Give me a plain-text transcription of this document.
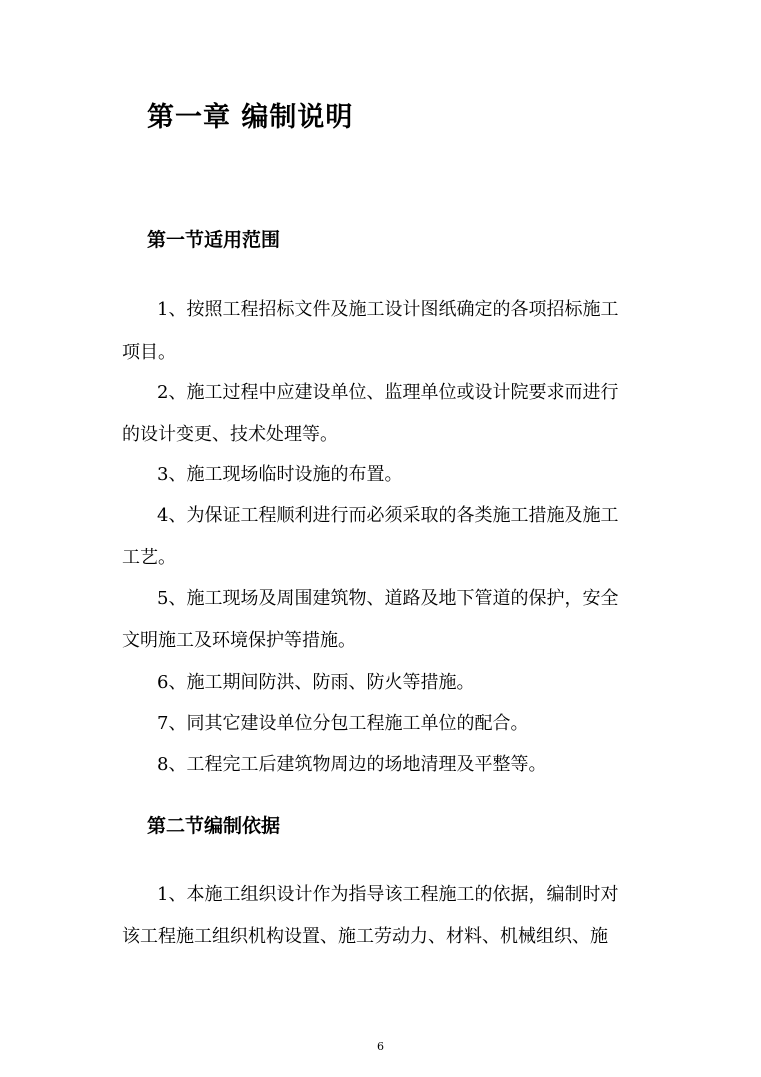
第一章 编制说明
第一节适用范围
1、按照工程招标文件及施工设计图纸确定的各项招标施工
项目。
2、施工过程中应建设单位、监理单位或设计院要求而进行
的设计变更、技术处理等。
3、施工现场临时设施的布置。
4、为保证工程顺利进行而必须采取的各类施工措施及施工
工艺。
5、施工现场及周围建筑物、道路及地下管道的保护，安全
文明施工及环境保护等措施。
6、施工期间防洪、防雨、防火等措施。
7、同其它建设单位分包工程施工单位的配合。
8、工程完工后建筑物周边的场地清理及平整等。
第二节编制依据
1、本施工组织设计作为指导该工程施工的依据，编制时对
该工程施工组织机构设置、施工劳动力、材料、机械组织、施
6
